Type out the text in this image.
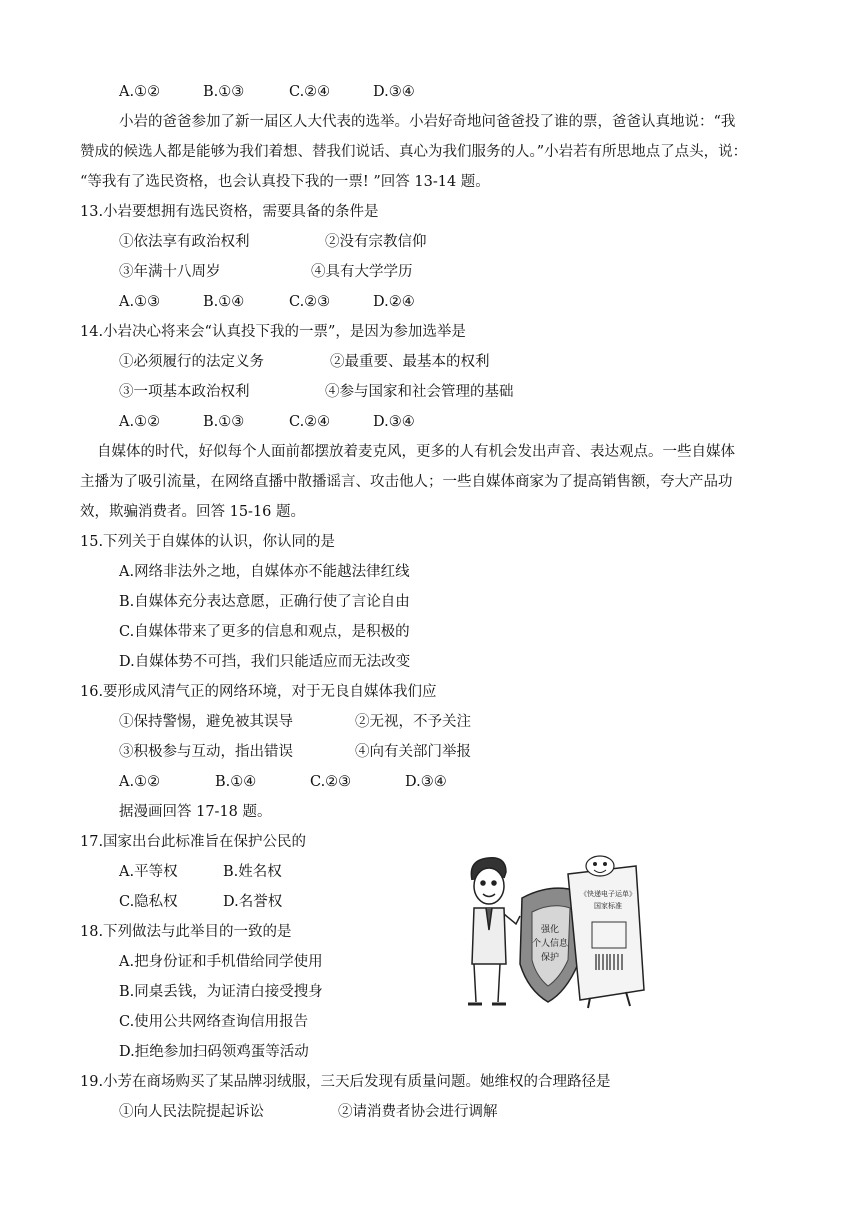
A.①②	B.①③	C.②④	D.③④
小岩的爸爸参加了新一届区人大代表的选举。小岩好奇地问爸爸投了谁的票，爸爸认真地说：“我
赞成的候选人都是能够为我们着想、替我们说话、真心为我们服务的人。”小岩若有所思地点了点头，说：
“等我有了选民资格，也会认真投下我的一票! ”回答 13-14 题。
13.小岩要想拥有选民资格，需要具备的条件是
①依法享有政治权利	②没有宗教信仰
③年满十八周岁	④具有大学学历
A.①③	B.①④	C.②③	D.②④
14.小岩决心将来会“认真投下我的一票”，是因为参加选举是
①必须履行的法定义务	②最重要、最基本的权利
③一项基本政治权利	④参与国家和社会管理的基础
A.①②	B.①③	C.②④	D.③④
自媒体的时代，好似每个人面前都摆放着麦克风，更多的人有机会发出声音、表达观点。一些自媒体
主播为了吸引流量，在网络直播中散播谣言、攻击他人；一些自媒体商家为了提高销售额，夸大产品功
效，欺骗消费者。回答 15-16 题。
15.下列关于自媒体的认识，你认同的是
A.网络非法外之地，自媒体亦不能越法律红线
B.自媒体充分表达意愿，正确行使了言论自由
C.自媒体带来了更多的信息和观点，是积极的
D.自媒体势不可挡，我们只能适应而无法改变
16.要形成风清气正的网络环境，对于无良自媒体我们应
①保持警惕，避免被其误导	②无视，不予关注
③积极参与互动，指出错误	④向有关部门举报
A.①②	B.①④	C.②③	D.③④
据漫画回答 17-18 题。
17.国家出台此标准旨在保护公民的
A.平等权	B.姓名权
C.隐私权	D.名誉权
18.下列做法与此举目的一致的是
A.把身份证和手机借给同学使用
B.同桌丢钱，为证清白接受搜身
C.使用公共网络查询信用报告
D.拒绝参加扫码领鸡蛋等活动
19.小芳在商场购买了某品牌羽绒服，三天后发现有质量问题。她维权的合理路径是
①向人民法院提起诉讼	②请消费者协会进行调解
强化
个人信息
保护
《快递电子运单》
国家标准
